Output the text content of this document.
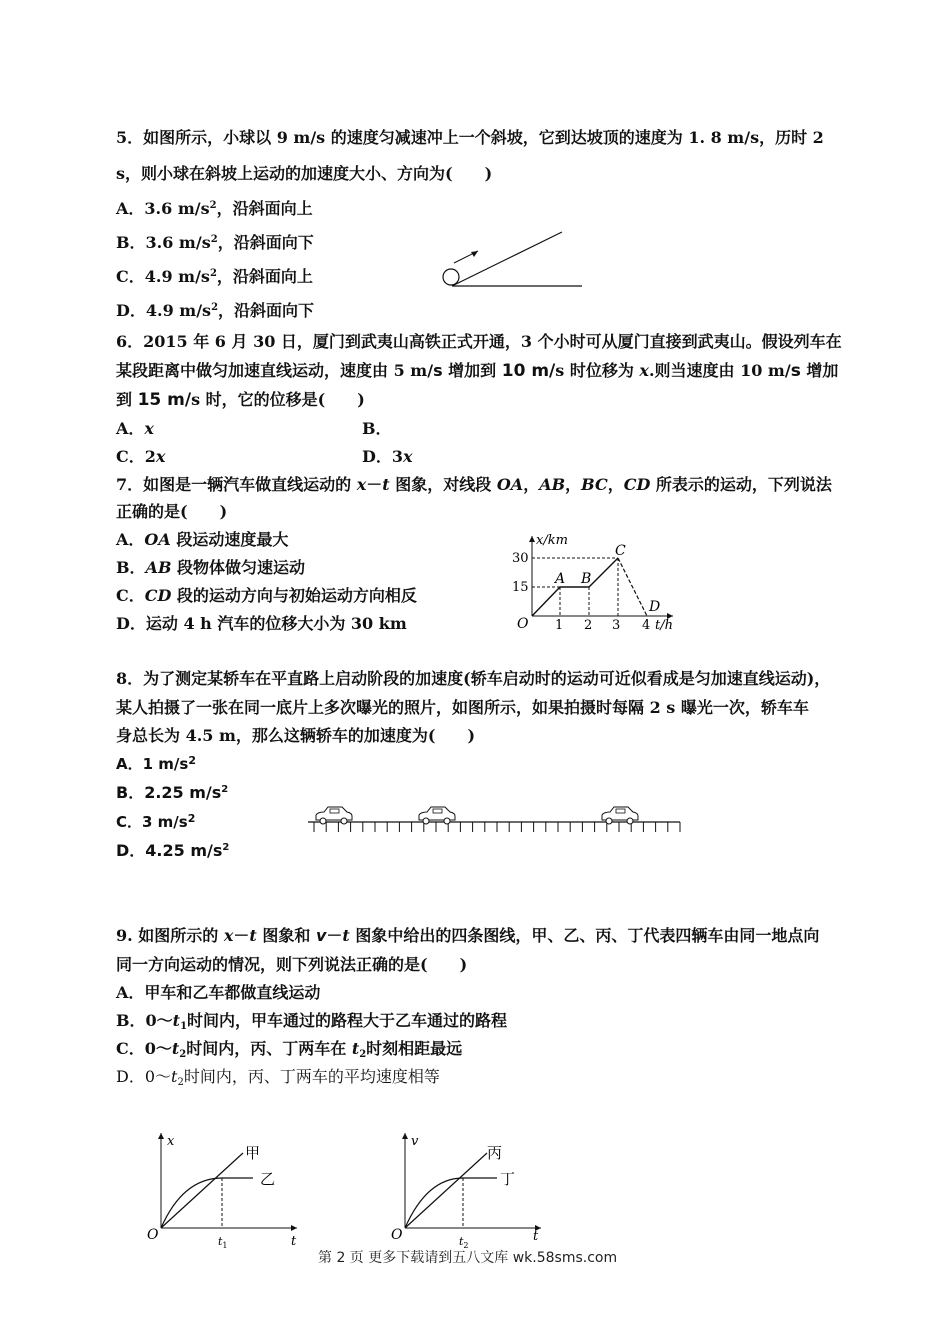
5．如图所示，小球以 9 m/s 的速度匀减速冲上一个斜坡，它到达坡顶的速度为 1. 8 m/s，历时 2
s，则小球在斜坡上运动的加速度大小、方向为(　　)
A．3.6 $m/s^2$，沿斜面向上
B．3.6 $m/s^2$，沿斜面向下
C．4.9 $m/s^2$，沿斜面向上
D．4.9 $m/s^2$，沿斜面向下
6．2015 年 6 月 30 日，厦门到武夷山高铁正式开通，3 个小时可从厦门直接到武夷山。假设列车在
某段距离中做匀加速直线运动，速度由 5 m/s 增加到 10 m/s 时位移为 x.则当速度由 10 m/s 增加
到 15 m/s 时，它的位移是(　　)
A．x	B．
C．2x	D．3x
7．如图是一辆汽车做直线运动的 x－t 图象，对线段 OA，AB，BC，CD 所表示的运动，下列说法
正确的是(　　)
A．OA 段运动速度最大
B．AB 段物体做匀速运动
C．CD 段的运动方向与初始运动方向相反
D．运动 4 h 汽车的位移大小为 30 km
x/km
t/h
O
30
15
1 2 3 4
A B
C
D
8．为了测定某轿车在平直路上启动阶段的加速度(轿车启动时的运动可近似看成是匀加速直线运动)，
某人拍摄了一张在同一底片上多次曝光的照片，如图所示，如果拍摄时每隔 2 s 曝光一次，轿车车
身总长为 4.5 m，那么这辆轿车的加速度为(　　)
A．1 $m/s^2$
B．2.25 $m/s^2$
C．3 $m/s^2$
D．4.25 $m/s^2$
9. 如图所示的 x－t 图象和 v－t 图象中给出的四条图线，甲、乙、丙、丁代表四辆车由同一地点向
同一方向运动的情况，则下列说法正确的是(　　)
A．甲车和乙车都做直线运动
B．$0\sim t_1$时间内，甲车通过的路程大于乙车通过的路程
C．$0\sim t_2$时间内，丙、丁两车在 $t_2$时刻相距最远
D．$0\sim t_2$时间内，丙、丁两车的平均速度相等
x
t
O	$t_1$
甲
乙
v
t
O	$t_2$
丙
丁
第 2 页 更多下载请到五八文库 wk.58sms.com
